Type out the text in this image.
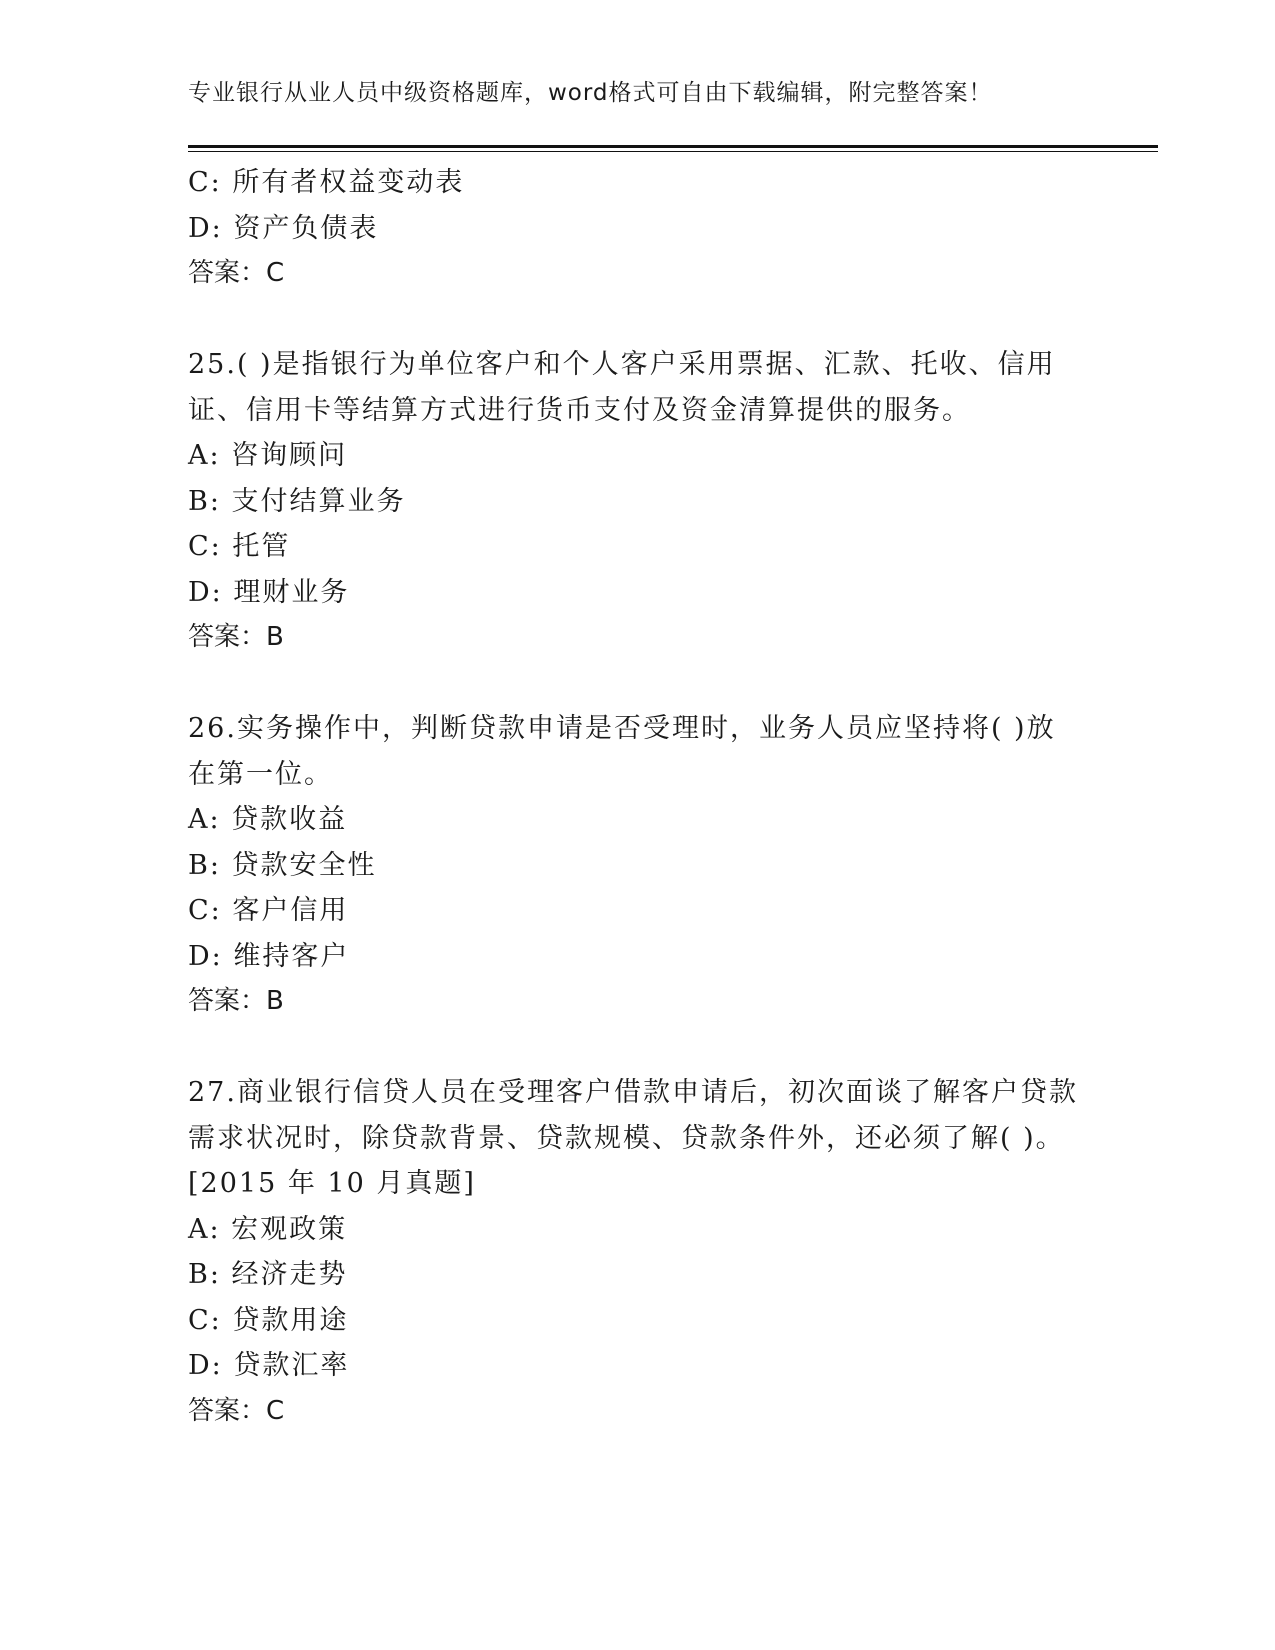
专业银行从业人员中级资格题库，word格式可自由下载编辑，附完整答案！
C: 所有者权益变动表
D: 资产负债表
答案：C
25.( )是指银行为单位客户和个人客户采用票据、汇款、托收、信用
证、信用卡等结算方式进行货币支付及资金清算提供的服务。
A: 咨询顾问
B: 支付结算业务
C: 托管
D: 理财业务
答案：B
26.实务操作中，判断贷款申请是否受理时，业务人员应坚持将( )放
在第一位。
A: 贷款收益
B: 贷款安全性
C: 客户信用
D: 维持客户
答案：B
27.商业银行信贷人员在受理客户借款申请后，初次面谈了解客户贷款
需求状况时，除贷款背景、贷款规模、贷款条件外，还必须了解( )。
[2015 年 10 月真题]
A: 宏观政策
B: 经济走势
C: 贷款用途
D: 贷款汇率
答案：C
